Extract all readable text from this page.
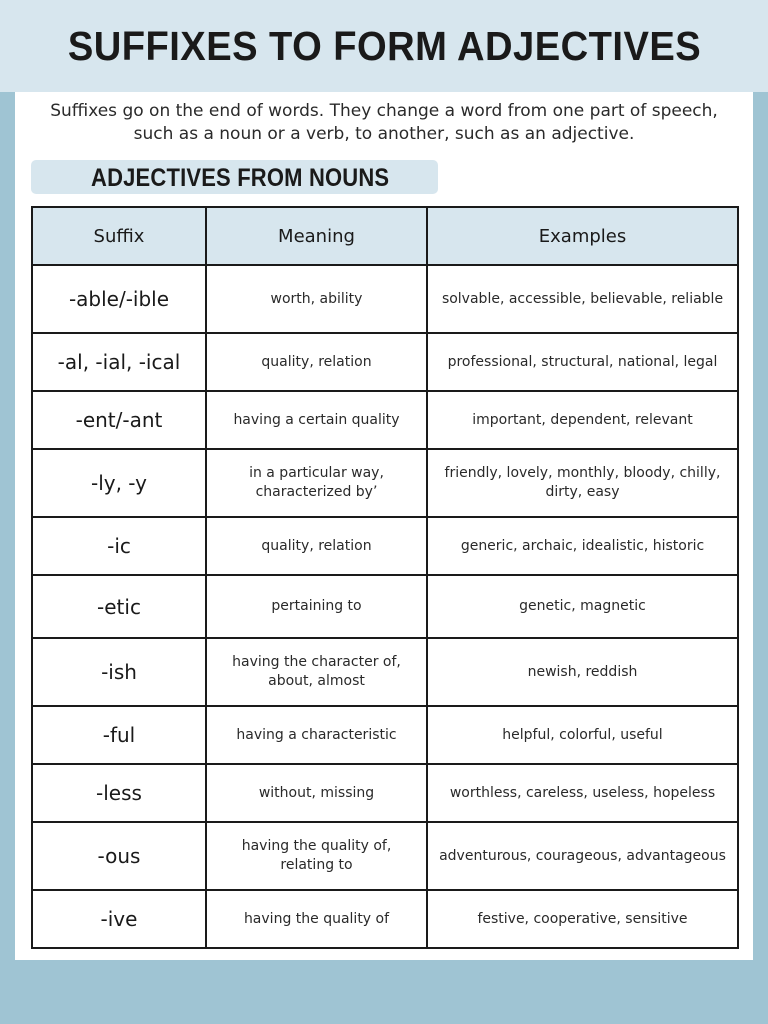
SUFFIXES TO FORM ADJECTIVES

Suffixes go on the end of words. They change a word from one part of speech, such as a noun or a verb, to another, such as an adjective.

ADJECTIVES FROM NOUNS
Suffix	Meaning	Examples
-able/-ible	worth, ability	solvable, accessible, believable, reliable
-al, -ial, -ical	quality, relation	professional, structural, national, legal
-ent/-ant	having a certain quality	important, dependent, relevant
-ly, -y	in a particular way, characterized by’	friendly, lovely, monthly, bloody, chilly, dirty, easy
-ic	quality, relation	generic, archaic, idealistic, historic
-etic	pertaining to	genetic, magnetic
-ish	having the character of, about, almost	newish, reddish
-ful	having a characteristic	helpful, colorful, useful
-less	without, missing	worthless, careless, useless, hopeless
-ous	having the quality of, relating to	adventurous, courageous, advantageous
-ive	having the quality of	festive, cooperative, sensitive
